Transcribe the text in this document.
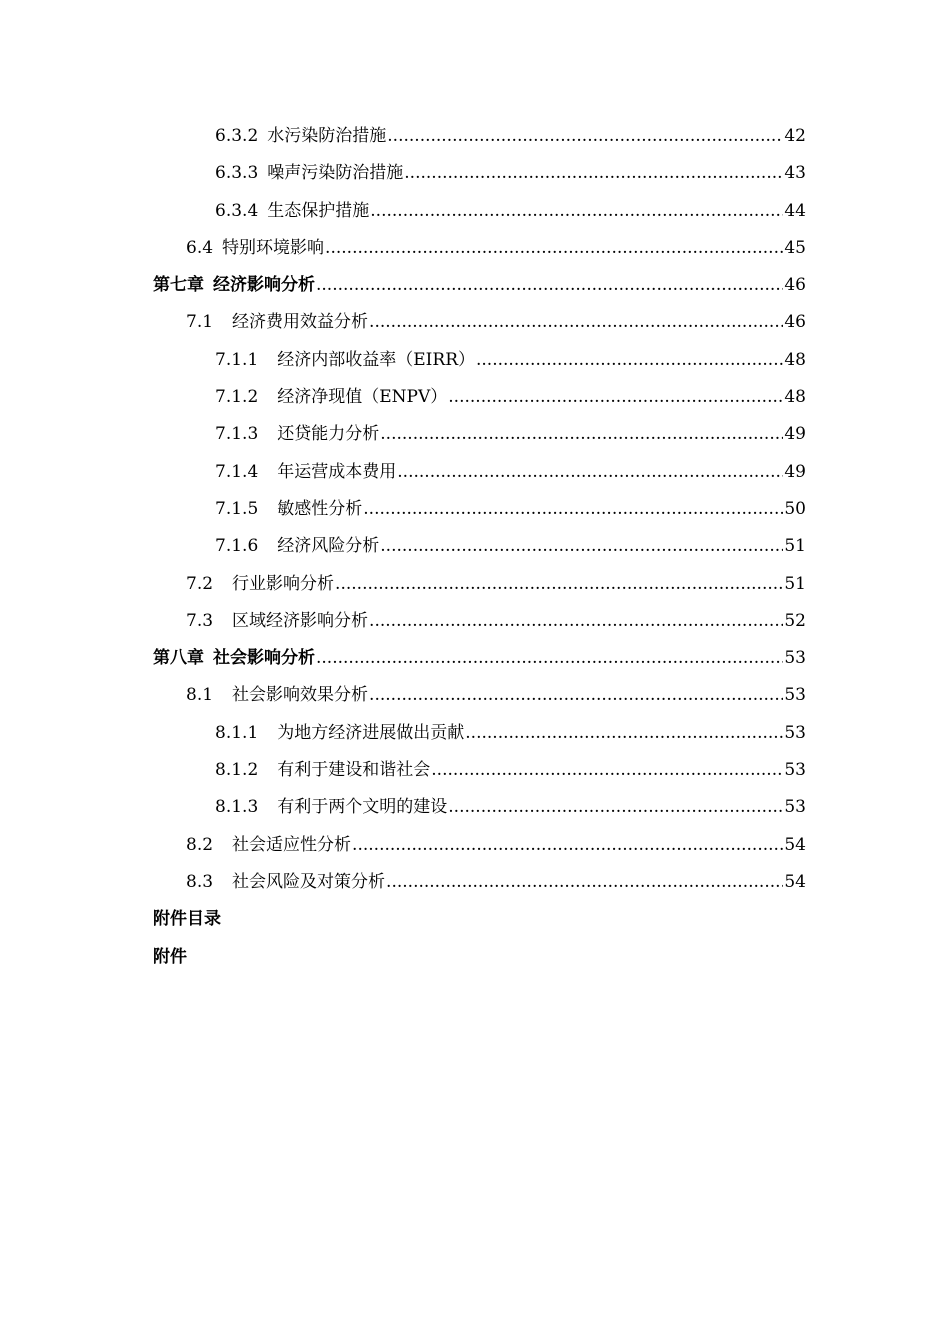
6.3.2 水污染防治措施 .....	42
6.3.3 噪声污染防治措施 .....	43
6.3.4 生态保护措施 .....	44
6.4 特别环境影响 .....	45
第七章 经济影响分析 .....	46
7.1 经济费用效益分析 .....	46
7.1.1 经济内部收益率（EIRR） .....	48
7.1.2 经济净现值（ENPV） .....	48
7.1.3 还贷能力分析 .....	49
7.1.4 年运营成本费用 .....	49
7.1.5 敏感性分析 .....	50
7.1.6 经济风险分析 .....	51
7.2 行业影响分析 .....	51
7.3 区域经济影响分析 .....	52
第八章 社会影响分析 .....	53
8.1 社会影响效果分析 .....	53
8.1.1 为地方经济进展做出贡献 .....	53
8.1.2 有利于建设和谐社会 .....	53
8.1.3 有利于两个文明的建设 .....	53
8.2 社会适应性分析 .....	54
8.3 社会风险及对策分析 .....	54
附件目录
附件
